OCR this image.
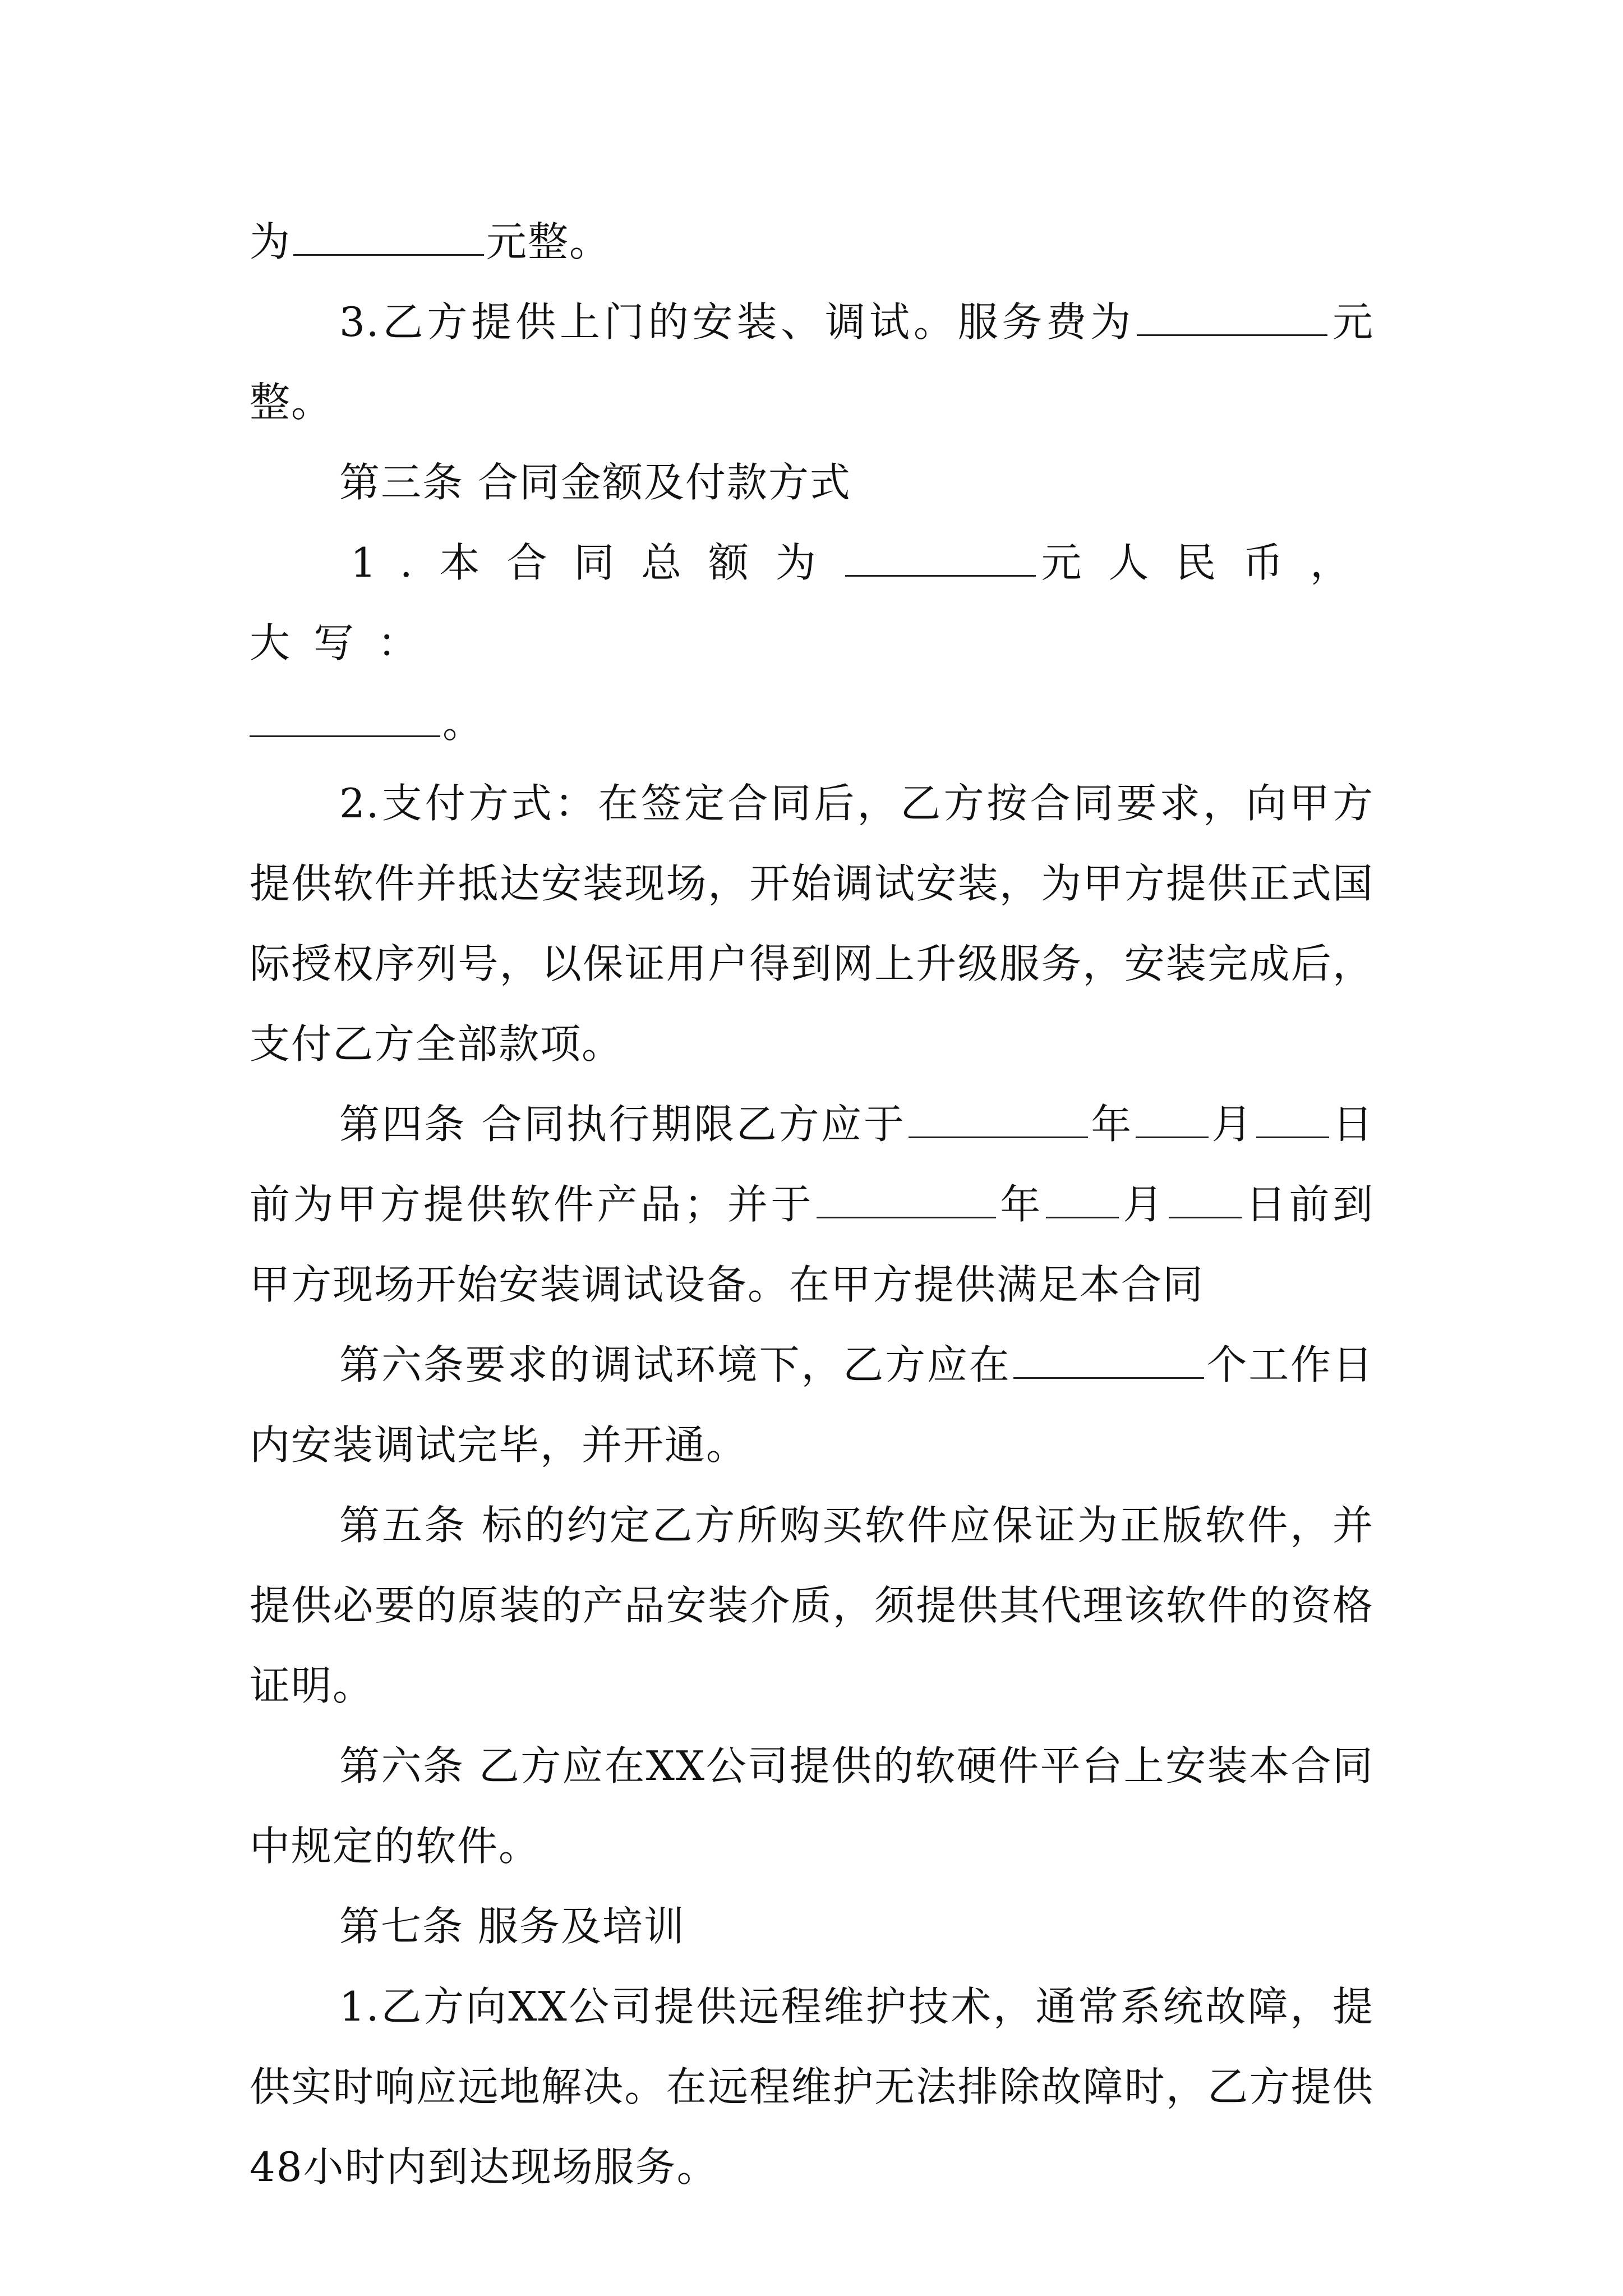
为	元整。

3.乙方提供上门的安装、调试。服务费为	元整。

第三条 合同金额及付款方式

1.本合同总额为	元人民币，大写：
。

2.支付方式：在签定合同后，乙方按合同要求，向甲方提供软件并抵达安装现场，开始调试安装，为甲方提供正式国际授权序列号，以保证用户得到网上升级服务，安装完成后，支付乙方全部款项。

第四条 合同执行期限乙方应于	年 月 日前为甲方提供软件产品；并于	年 月 日前到甲方现场开始安装调试设备。在甲方提供满足本合同

第六条要求的调试环境下，乙方应在	个工作日内安装调试完毕，并开通。

第五条 标的约定乙方所购买软件应保证为正版软件，并提供必要的原装的产品安装介质，须提供其代理该软件的资格证明。

第六条 乙方应在XX公司提供的软硬件平台上安装本合同中规定的软件。

第七条 服务及培训

1.乙方向XX公司提供远程维护技术，通常系统故障，提供实时响应远地解决。在远程维护无法排除故障时，乙方提供48小时内到达现场服务。
